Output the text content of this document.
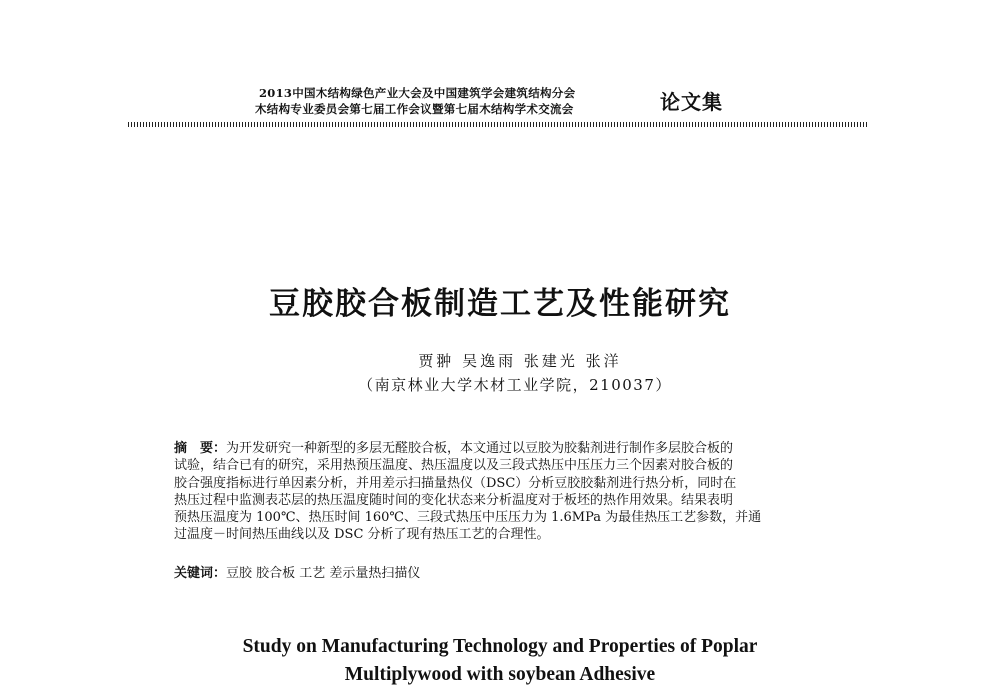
2013中国木结构绿色产业大会及中国建筑学会建筑结构分会
木结构专业委员会第七届工作会议暨第七届木结构学术交流会	论文集
豆胶胶合板制造工艺及性能研究
贾翀 吴逸雨 张建光 张洋
（南京林业大学木材工业学院，210037）
摘　要：为开发研究一种新型的多层无醛胶合板，本文通过以豆胶为胶黏剂进行制作多层胶合板的
试验，结合已有的研究，采用热预压温度、热压温度以及三段式热压中压压力三个因素对胶合板的
胶合强度指标进行单因素分析，并用差示扫描量热仪（DSC）分析豆胶胶黏剂进行热分析，同时在
热压过程中监测表芯层的热压温度随时间的变化状态来分析温度对于板坯的热作用效果。结果表明
预热压温度为 100℃、热压时间 160℃、三段式热压中压压力为 1.6MPa 为最佳热压工艺参数，并通
过温度－时间热压曲线以及 DSC 分析了现有热压工艺的合理性。
关键词：豆胶 胶合板 工艺 差示量热扫描仪
Study on Manufacturing Technology and Properties of Poplar
Multiplywood with soybean Adhesive
